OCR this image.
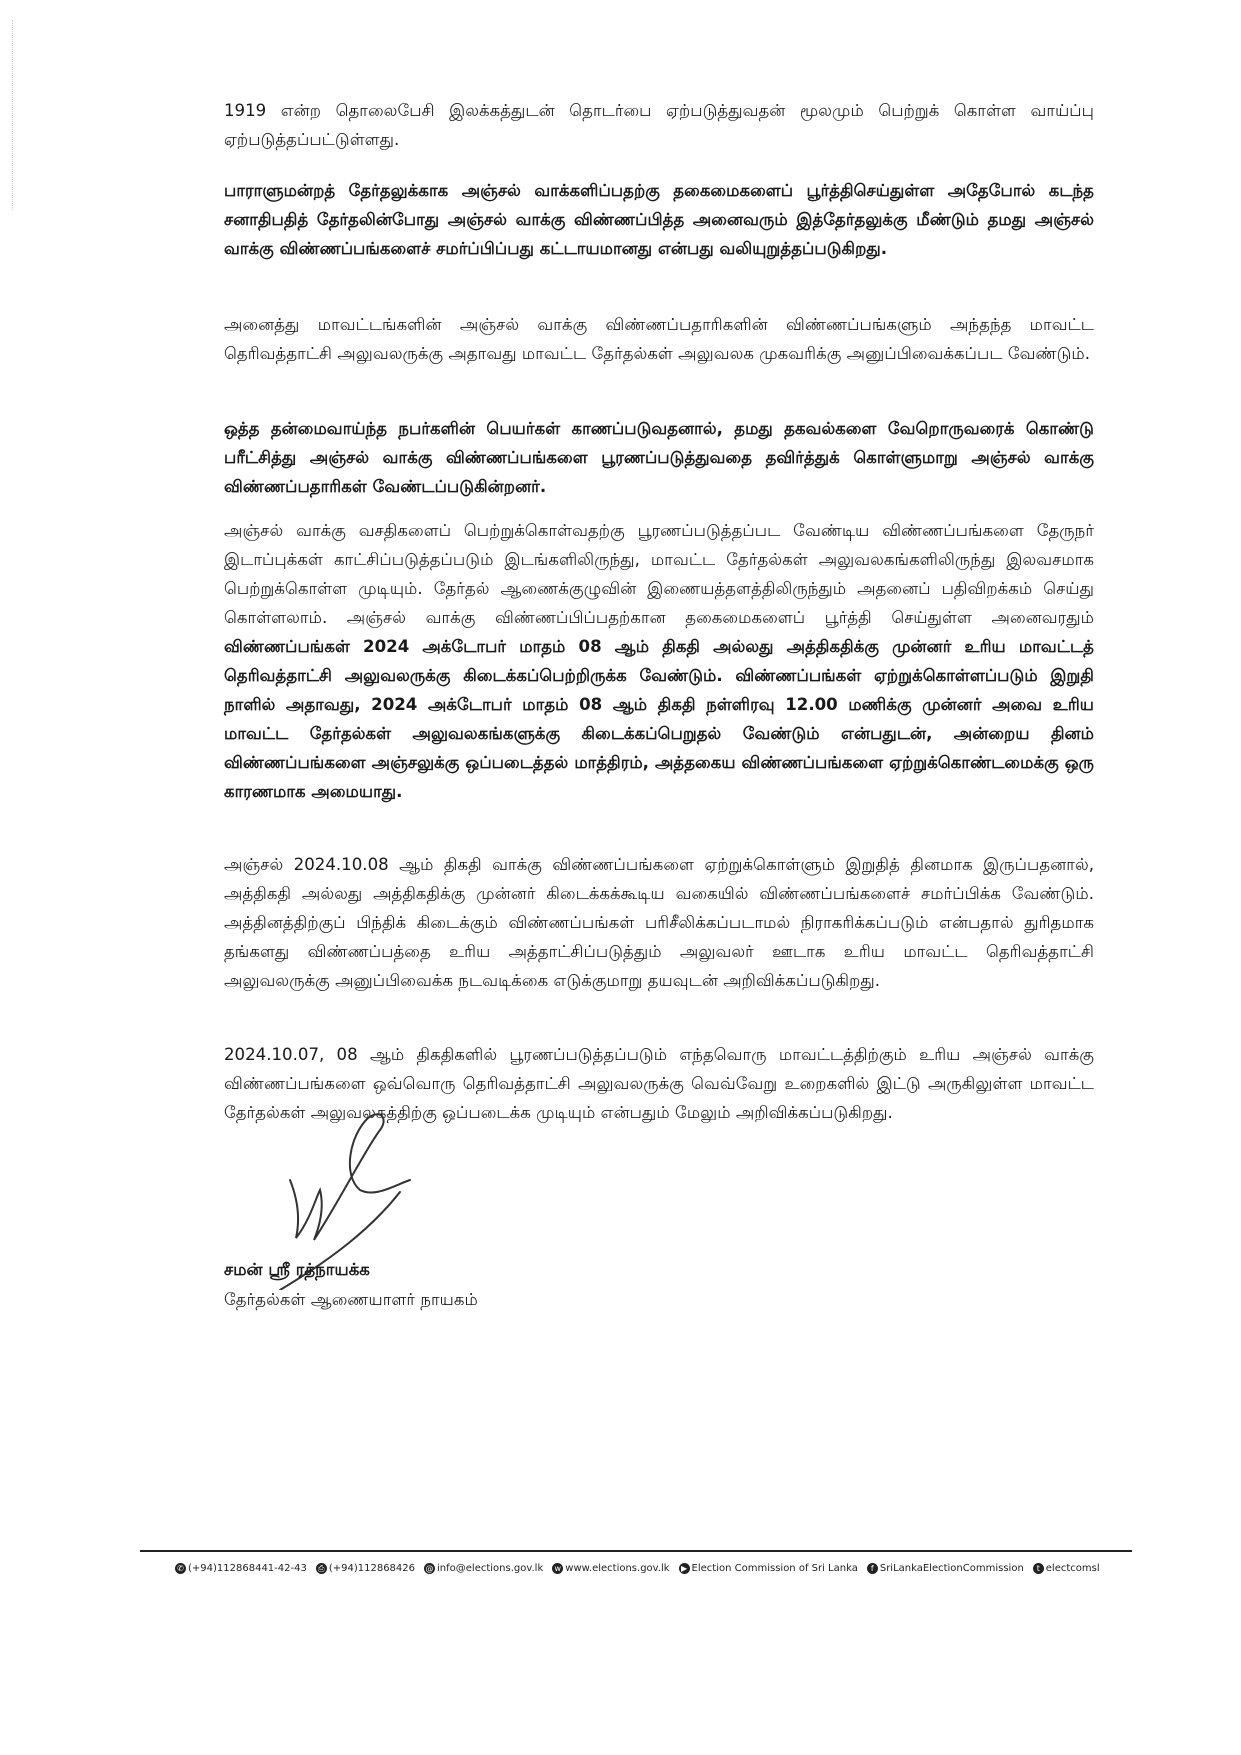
1919 என்ற தொலைபேசி இலக்கத்துடன் தொடர்பை ஏற்படுத்துவதன் மூலமும் பெற்றுக் கொள்ள வாய்ப்பு ஏற்படுத்தப்பட்டுள்ளது.

பாராளுமன்றத் தேர்தலுக்காக அஞ்சல் வாக்களிப்பதற்கு தகைமைகளைப் பூர்த்திசெய்துள்ள அதேபோல் கடந்த சனாதிபதித் தேர்தலின்போது அஞ்சல் வாக்கு விண்ணப்பித்த அனைவரும் இத்தேர்தலுக்கு மீண்டும் தமது அஞ்சல் வாக்கு விண்ணப்பங்களைச் சமர்ப்பிப்பது கட்டாயமானது என்பது வலியுறுத்தப்படுகிறது.

அனைத்து மாவட்டங்களின் அஞ்சல் வாக்கு விண்ணப்பதாரிகளின் விண்ணப்பங்களும் அந்தந்த மாவட்ட தெரிவத்தாட்சி அலுவலருக்கு அதாவது மாவட்ட தேர்தல்கள் அலுவலக முகவரிக்கு அனுப்பிவைக்கப்பட வேண்டும்.

ஒத்த தன்மைவாய்ந்த நபர்களின் பெயர்கள் காணப்படுவதனால், தமது தகவல்களை வேறொருவரைக் கொண்டு பரீட்சித்து அஞ்சல் வாக்கு விண்ணப்பங்களை பூரணப்படுத்துவதை தவிர்த்துக் கொள்ளுமாறு அஞ்சல் வாக்கு விண்ணப்பதாரிகள் வேண்டப்படுகின்றனர்.

அஞ்சல் வாக்கு வசதிகளைப் பெற்றுக்கொள்வதற்கு பூரணப்படுத்தப்பட வேண்டிய விண்ணப்பங்களை தேருநர் இடாப்புக்கள் காட்சிப்படுத்தப்படும் இடங்களிலிருந்து, மாவட்ட தேர்தல்கள் அலுவலகங்களிலிருந்து இலவசமாக பெற்றுக்கொள்ள முடியும். தேர்தல் ஆணைக்குழுவின் இணையத்தளத்திலிருந்தும் அதனைப் பதிவிறக்கம் செய்து கொள்ளலாம். அஞ்சல் வாக்கு விண்ணப்பிப்பதற்கான தகைமைகளைப் பூர்த்தி செய்துள்ள அனைவரதும் விண்ணப்பங்கள் 2024 அக்டோபர் மாதம் 08 ஆம் திகதி அல்லது அத்திகதிக்கு முன்னர் உரிய மாவட்டத் தெரிவத்தாட்சி அலுவலருக்கு கிடைக்கப்பெற்றிருக்க வேண்டும். விண்ணப்பங்கள் ஏற்றுக்கொள்ளப்படும் இறுதி நாளில் அதாவது, 2024 அக்டோபர் மாதம் 08 ஆம் திகதி நள்ளிரவு 12.00 மணிக்கு முன்னர் அவை உரிய மாவட்ட தேர்தல்கள் அலுவலகங்களுக்கு கிடைக்கப்பெறுதல் வேண்டும் என்பதுடன், அன்றைய தினம் விண்ணப்பங்களை அஞ்சலுக்கு ஒப்படைத்தல் மாத்திரம், அத்தகைய விண்ணப்பங்களை ஏற்றுக்கொண்டமைக்கு ஒரு காரணமாக அமையாது.

அஞ்சல் 2024.10.08 ஆம் திகதி வாக்கு விண்ணப்பங்களை ஏற்றுக்கொள்ளும் இறுதித் தினமாக இருப்பதனால், அத்திகதி அல்லது அத்திகதிக்கு முன்னர் கிடைக்கக்கூடிய வகையில் விண்ணப்பங்களைச் சமர்ப்பிக்க வேண்டும். அத்தினத்திற்குப் பிந்திக் கிடைக்கும் விண்ணப்பங்கள் பரிசீலிக்கப்படாமல் நிராகரிக்கப்படும் என்பதால் துரிதமாக தங்களது விண்ணப்பத்தை உரிய அத்தாட்சிப்படுத்தும் அலுவலர் ஊடாக உரிய மாவட்ட தெரிவத்தாட்சி அலுவலருக்கு அனுப்பிவைக்க நடவடிக்கை எடுக்குமாறு தயவுடன் அறிவிக்கப்படுகிறது.

2024.10.07, 08 ஆம் திகதிகளில் பூரணப்படுத்தப்படும் எந்தவொரு மாவட்டத்திற்கும் உரிய அஞ்சல் வாக்கு விண்ணப்பங்களை ஒவ்வொரு தெரிவத்தாட்சி அலுவலருக்கு வெவ்வேறு உறைகளில் இட்டு அருகிலுள்ள மாவட்ட தேர்தல்கள் அலுவலகத்திற்கு ஒப்படைக்க முடியும் என்பதும் மேலும் அறிவிக்கப்படுகிறது.

சமன் ஸ்ரீ ரத்நாயக்க
தேர்தல்கள் ஆணையாளர் நாயகம்
✆ (+94)112868441-42-43 ⎙ (+94)112868426 @ info@elections.gov.lk w www.elections.gov.lk	▶ Election Commission of Sri Lanka	f SriLankaElectionCommission	t electcomsl
